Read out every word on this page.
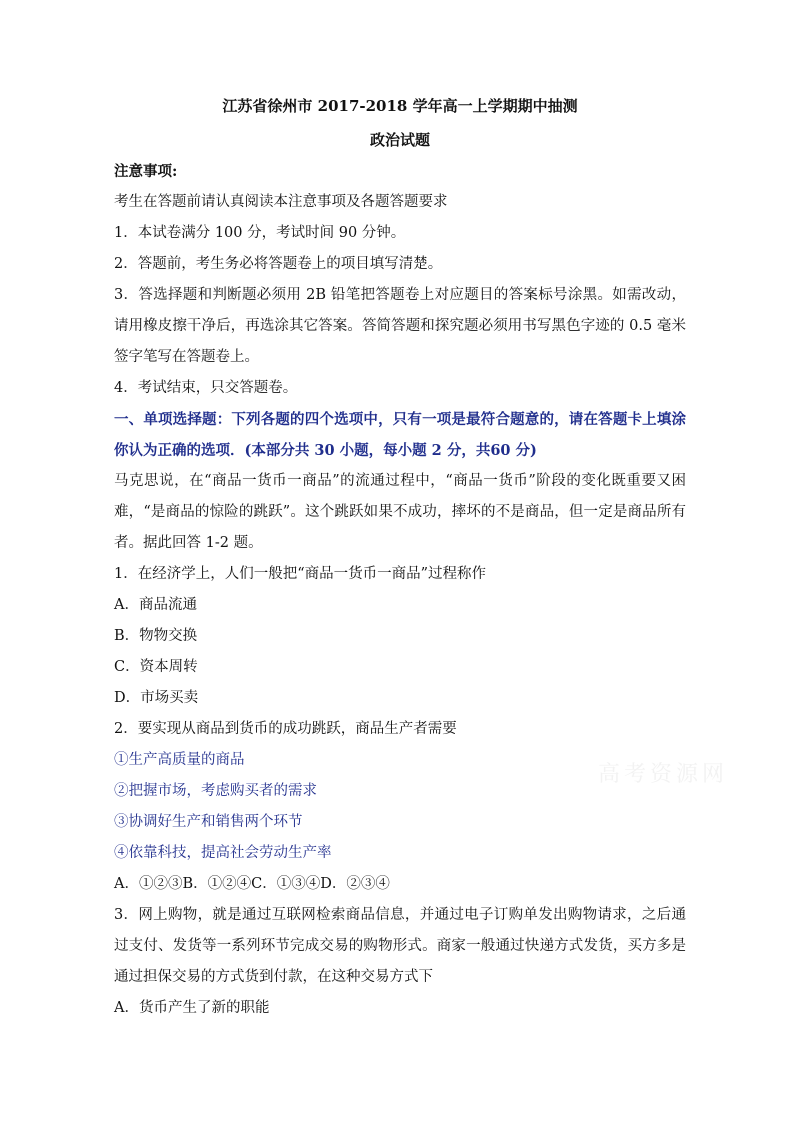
江苏省徐州市 2017-2018 学年高一上学期期中抽测
政治试题
注意事项:
考生在答题前请认真阅读本注意事项及各题答题要求
1．本试卷满分 100 分，考试时间 90 分钟。
2．答题前，考生务必将答题卷上的项目填写清楚。
3．答选择题和判断题必须用 2B 铅笔把答题卷上对应题目的答案标号涂黑。如需改动，请用橡皮擦干净后，再选涂其它答案。答简答题和探究题必须用书写黑色字迹的 0.5 毫米签字笔写在答题卷上。
4．考试结束，只交答题卷。
一、单项选择题：下列各题的四个选项中，只有一项是最符合题意的，请在答题卡上填涂你认为正确的选项．(本部分共 30 小题，每小题 2 分，共60 分)
马克思说，在“商品一货币一商品”的流通过程中，“商品一货币”阶段的变化既重要又困难，“是商品的惊险的跳跃”。这个跳跃如果不成功，摔坏的不是商品，但一定是商品所有者。据此回答 1-2 题。
1．在经济学上，人们一般把“商品一货币一商品”过程称作
A．商品流通
B．物物交换
C．资本周转
D．市场买卖
2．要实现从商品到货币的成功跳跃，商品生产者需要
①生产高质量的商品
②把握市场，考虑购买者的需求
③协调好生产和销售两个环节
④依靠科技，提高社会劳动生产率
A．①②③B．①②④C．①③④D．②③④
3．网上购物，就是通过互联网检索商品信息，并通过电子订购单发出购物请求，之后通过支付、发货等一系列环节完成交易的购物形式。商家一般通过快递方式发货，买方多是通过担保交易的方式货到付款，在这种交易方式下
A．货币产生了新的职能
高考资源网
